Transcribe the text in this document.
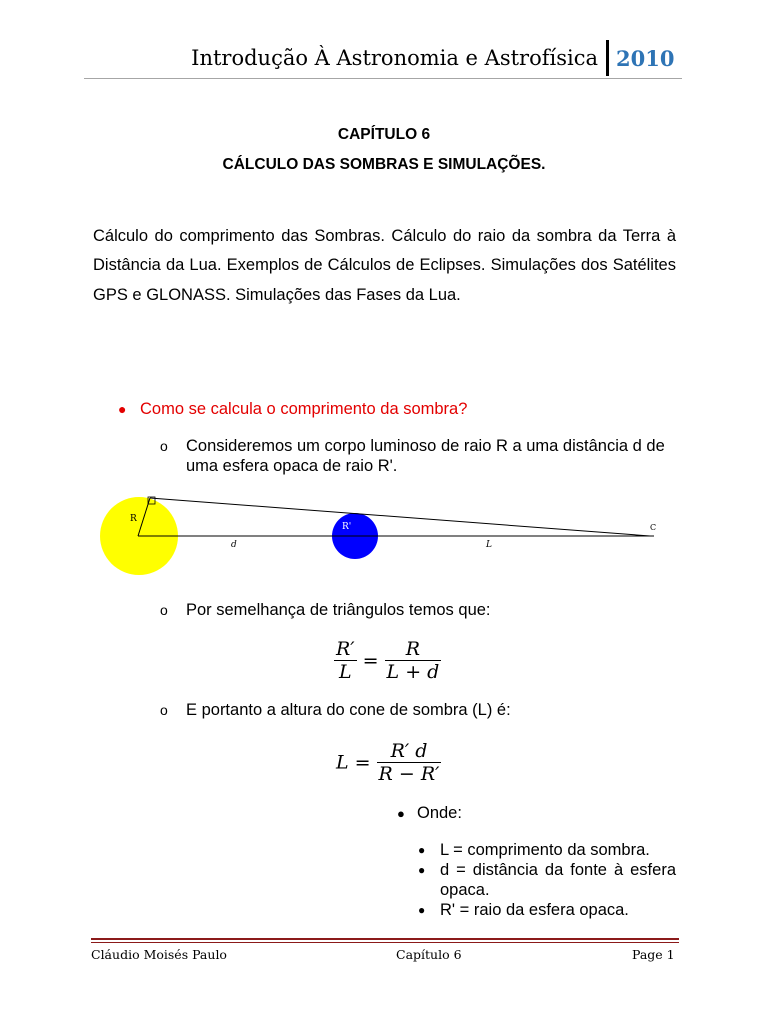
Introdução À Astronomia e Astrofísica 2010
CAPÍTULO 6
CÁLCULO DAS SOMBRAS E SIMULAÇÕES.
Cálculo do comprimento das Sombras. Cálculo do raio da sombra da Terra à Distância da Lua. Exemplos de Cálculos de Eclipses. Simulações dos Satélites GPS e GLONASS. Simulações das Fases da Lua.
● Como se calcula o comprimento da sombra?
o Consideremos um corpo luminoso de raio R a uma distância d de uma esfera opaca de raio R'.
R
R'
d	L
C
o Por semelhança de triângulos temos que:
$\frac{R'}{L} = \frac{R}{L + d}$
o E portanto a altura do cone de sombra (L) é:
$L = \frac{R' d}{R - R'}$
● Onde:
● L = comprimento da sombra.
● d = distância da fonte à esfera opaca.
● R' = raio da esfera opaca.
Cláudio Moisés Paulo	Capítulo 6	Page 1
